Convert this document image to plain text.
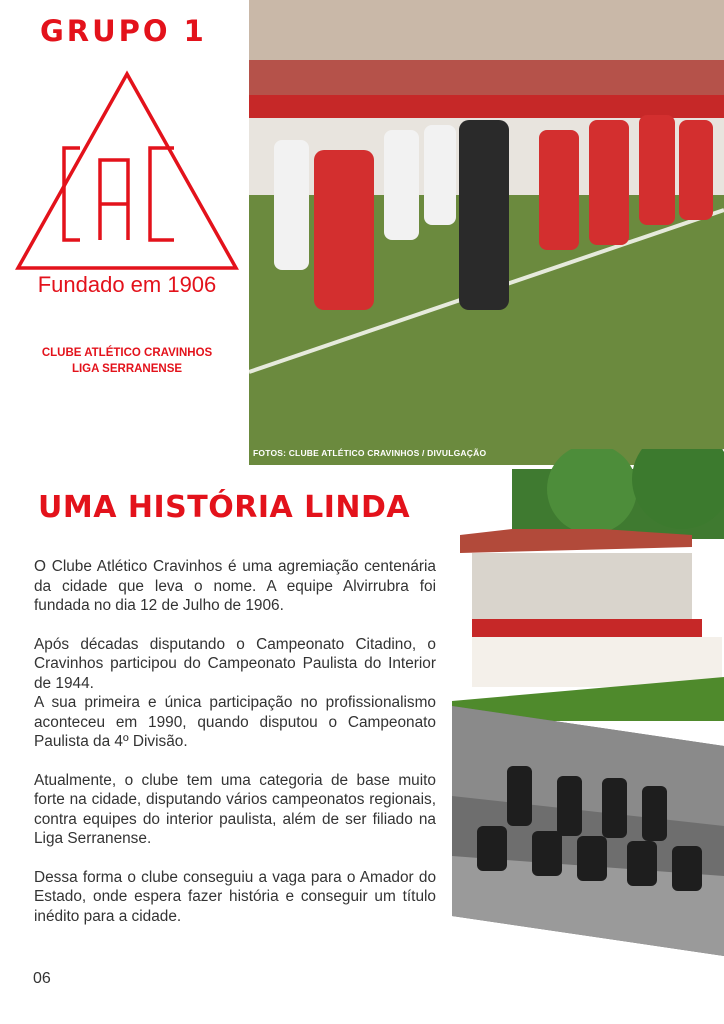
GRUPO 1
Fundado em 1906
CLUBE ATLÉTICO CRAVINHOS
LIGA SERRANENSE
FOTOS: CLUBE ATLÉTICO CRAVINHOS / DIVULGAÇÃO
UMA HISTÓRIA LINDA

O Clube Atlético Cravinhos é uma agremiação centenária da cidade que leva o nome. A equipe Alvirrubra foi fundada no dia 12 de Julho de 1906.

Após décadas disputando o Campeonato Citadino, o Cravinhos participou do Campeonato Paulista do Interior de 1944.

A sua primeira e única participação no profissionalismo aconteceu em 1990, quando disputou o Campeonato Paulista da 4º Divisão.

Atualmente, o clube tem uma categoria de base muito forte na cidade, disputando vários campeonatos regionais, contra equipes do interior paulista, além de ser filiado na Liga Serranense.

Dessa forma o clube conseguiu a vaga para o Amador do Estado, onde espera fazer história e conseguir um título inédito para a cidade.

06
